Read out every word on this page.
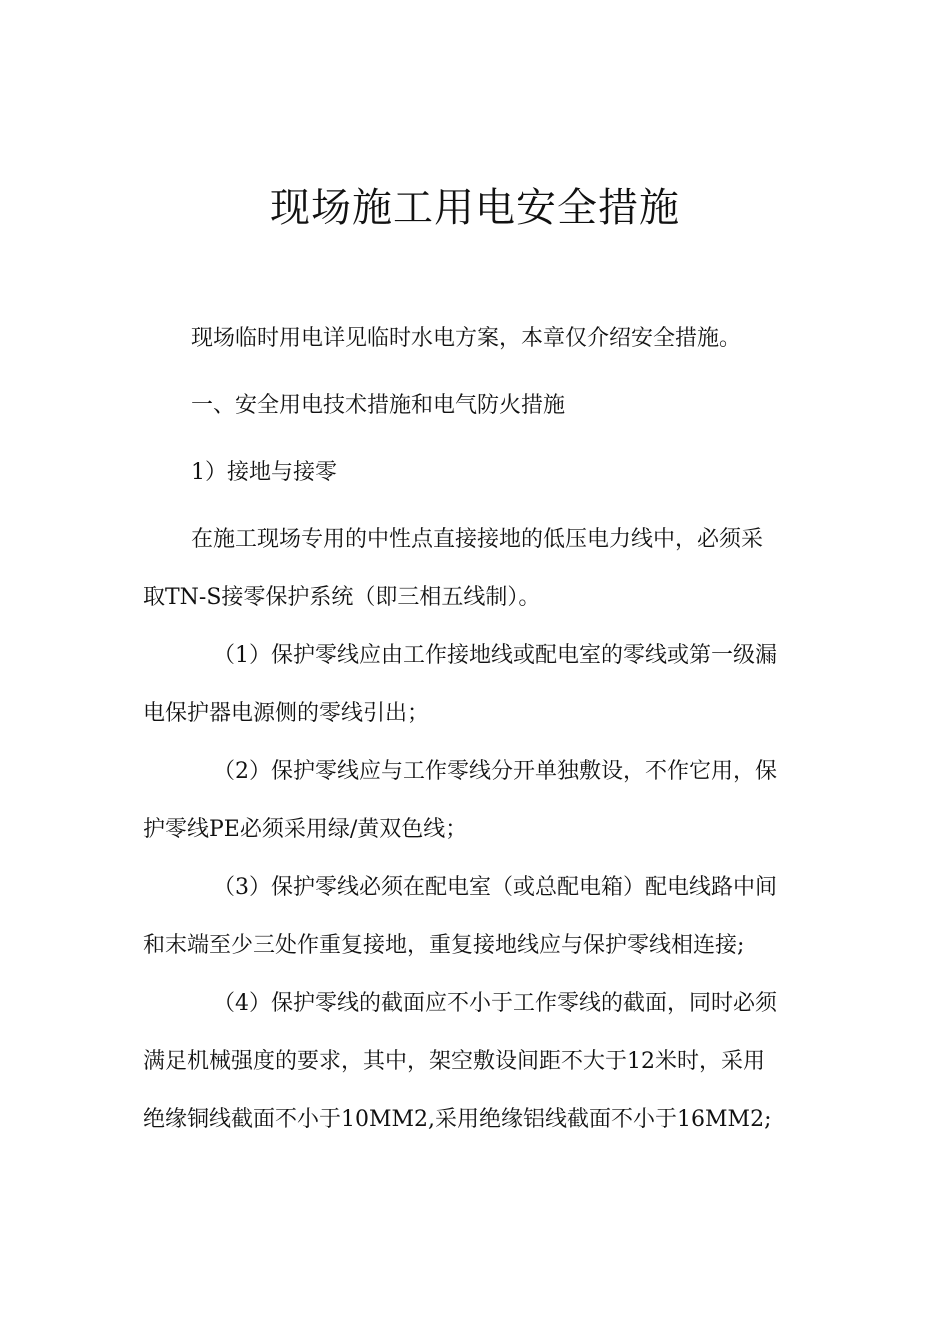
现场施工用电安全措施
现场临时用电详见临时水电方案，本章仅介绍安全措施。
一、安全用电技术措施和电气防火措施
1）接地与接零
在施工现场专用的中性点直接接地的低压电力线中，必须采
取TN-S接零保护系统（即三相五线制）。
（1）保护零线应由工作接地线或配电室的零线或第一级漏
电保护器电源侧的零线引出；
（2）保护零线应与工作零线分开单独敷设，不作它用，保
护零线PE必须采用绿/黄双色线；
（3）保护零线必须在配电室（或总配电箱）配电线路中间
和末端至少三处作重复接地，重复接地线应与保护零线相连接;
（4）保护零线的截面应不小于工作零线的截面，同时必须
满足机械强度的要求，其中，架空敷设间距不大于12米时，采用
绝缘铜线截面不小于10MM2,采用绝缘铝线截面不小于16MM2;
